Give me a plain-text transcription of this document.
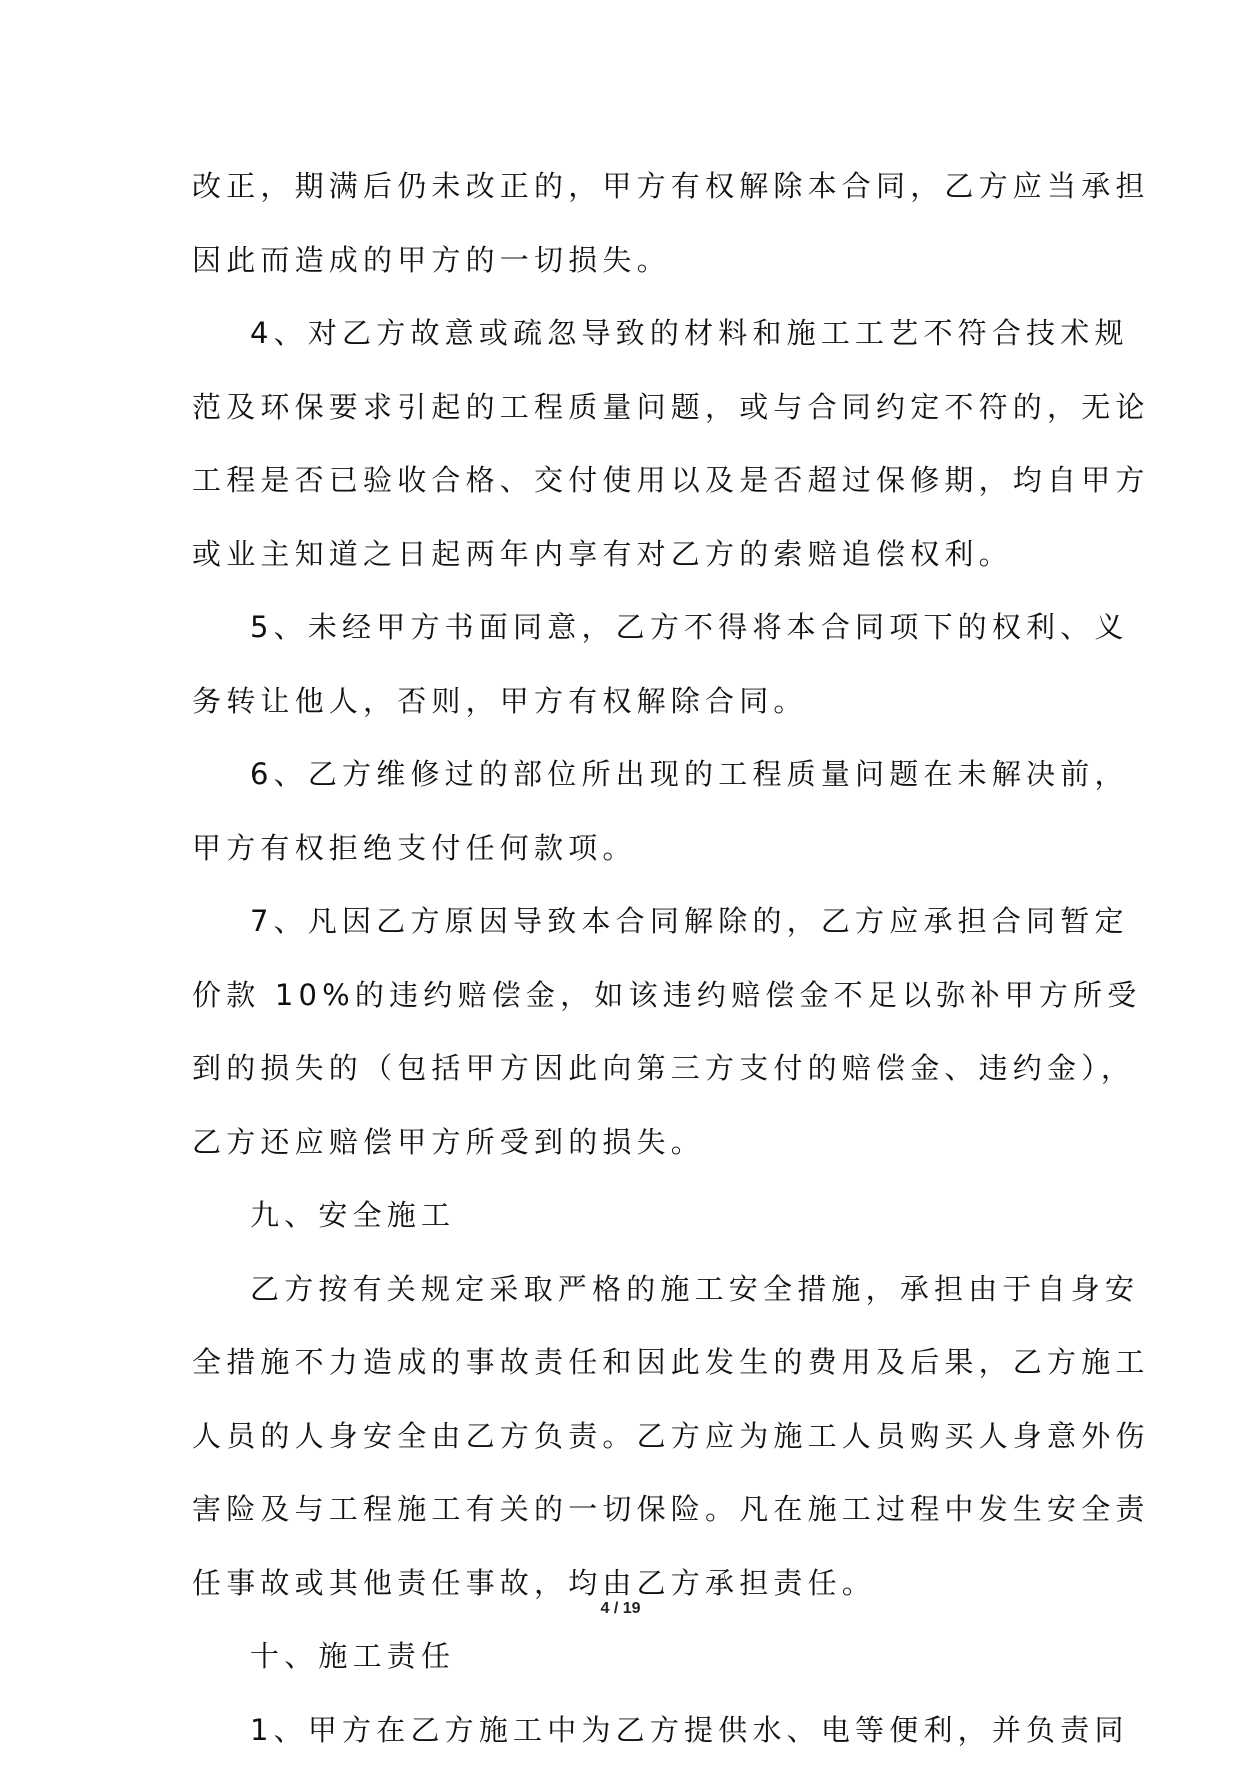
改正，期满后仍未改正的，甲方有权解除本合同，乙方应当承担
因此而造成的甲方的一切损失。
4、对乙方故意或疏忽导致的材料和施工工艺不符合技术规
范及环保要求引起的工程质量问题，或与合同约定不符的，无论
工程是否已验收合格、交付使用以及是否超过保修期，均自甲方
或业主知道之日起两年内享有对乙方的索赔追偿权利。
5、未经甲方书面同意，乙方不得将本合同项下的权利、义
务转让他人，否则，甲方有权解除合同。
6、乙方维修过的部位所出现的工程质量问题在未解决前，
甲方有权拒绝支付任何款项。
7、凡因乙方原因导致本合同解除的，乙方应承担合同暂定
价款 10%的违约赔偿金，如该违约赔偿金不足以弥补甲方所受
到的损失的（包括甲方因此向第三方支付的赔偿金、违约金），
乙方还应赔偿甲方所受到的损失。
九、安全施工
乙方按有关规定采取严格的施工安全措施，承担由于自身安
全措施不力造成的事故责任和因此发生的费用及后果，乙方施工
人员的人身安全由乙方负责。乙方应为施工人员购买人身意外伤
害险及与工程施工有关的一切保险。凡在施工过程中发生安全责
任事故或其他责任事故，均由乙方承担责任。
十、施工责任
1、甲方在乙方施工中为乙方提供水、电等便利，并负责同
4 / 19
